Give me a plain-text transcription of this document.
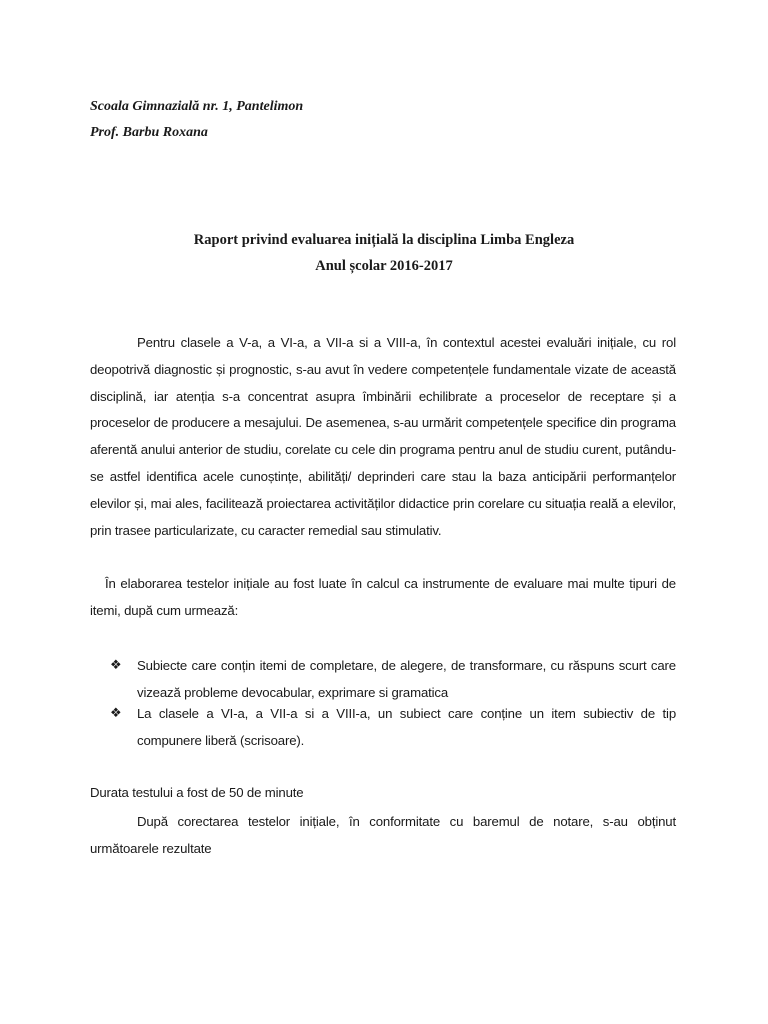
Scoala Gimnazială nr. 1, Pantelimon
Prof. Barbu Roxana
Raport privind evaluarea inițială la disciplina Limba Engleza
Anul școlar 2016-2017
Pentru clasele a V-a, a VI-a, a VII-a si a VIII-a, în contextul acestei evaluări inițiale, cu rol deopotrivă diagnostic și prognostic, s-au avut în vedere competențele fundamentale vizate de această disciplină, iar atenția s-a concentrat asupra îmbinării echilibrate a proceselor de receptare și a proceselor de producere a mesajului. De asemenea, s-au urmărit competențele specifice din programa aferentă anului anterior de studiu, corelate cu cele din programa pentru anul de studiu curent, putându-se astfel identifica acele cunoștințe, abilități/ deprinderi care stau la baza anticipării performanțelor elevilor și, mai ales, facilitează proiectarea activităților didactice prin corelare cu situația reală a elevilor, prin trasee particularizate, cu caracter remedial sau stimulativ.
În elaborarea testelor inițiale au fost luate în calcul ca instrumente de evaluare mai multe tipuri de itemi, după cum urmează:
❖ Subiecte care conțin itemi de completare, de alegere, de transformare, cu răspuns scurt care vizează probleme devocabular, exprimare si gramatica
❖ La clasele a VI-a, a VII-a si a VIII-a, un subiect care conține un item subiectiv de tip compunere liberă (scrisoare).
Durata testului a fost de 50 de minute
După corectarea testelor inițiale, în conformitate cu baremul de notare, s-au obținut următoarele rezultate
